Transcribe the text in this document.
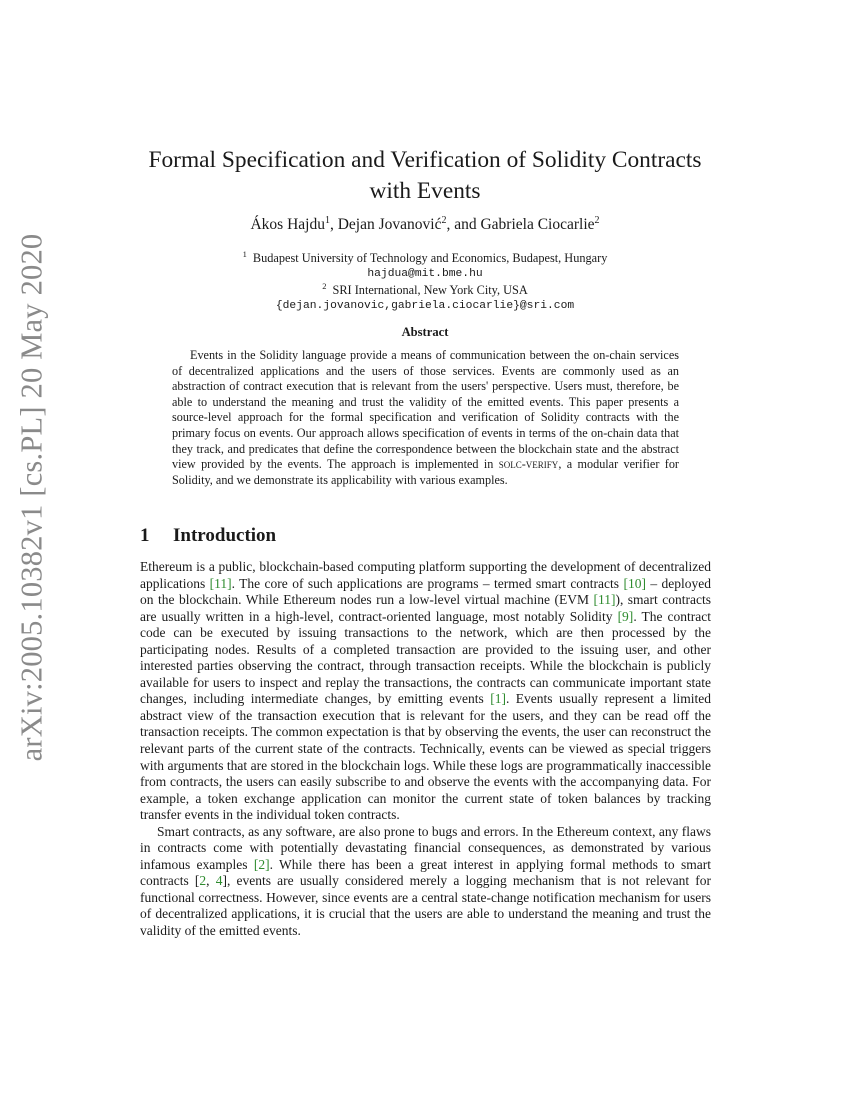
arXiv:2005.10382v1 [cs.PL] 20 May 2020
Formal Specification and Verification of Solidity Contracts
with Events
Ákos Hajdu$^1$, Dejan Jovanović$^2$, and Gabriela Ciocarlie$^2$
$^1$ Budapest University of Technology and Economics, Budapest, Hungary
hajdua@mit.bme.hu
$^2$ SRI International, New York City, USA
{dejan.jovanovic,gabriela.ciocarlie}@sri.com
Abstract

Events in the Solidity language provide a means of communication between the on-chain services of decentralized applications and the users of those services. Events are commonly used as an abstraction of contract execution that is relevant from the users' perspective. Users must, therefore, be able to understand the meaning and trust the validity of the emitted events. This paper presents a source-level approach for the formal specification and verification of Solidity contracts with the primary focus on events. Our approach allows specification of events in terms of the on-chain data that they track, and predicates that define the correspondence between the blockchain state and the abstract view provided by the events. The approach is implemented in solc-verify, a modular verifier for Solidity, and we demonstrate its applicability with various examples.

1 Introduction

Ethereum is a public, blockchain-based computing platform supporting the development of decentralized applications [11]. The core of such applications are programs – termed smart contracts [10] – deployed on the blockchain. While Ethereum nodes run a low-level virtual machine (EVM [11]), smart contracts are usually written in a high-level, contract-oriented language, most notably Solidity [9]. The contract code can be executed by issuing transactions to the network, which are then processed by the participating nodes. Results of a completed transaction are provided to the issuing user, and other interested parties observing the contract, through transaction receipts. While the blockchain is publicly available for users to inspect and replay the transactions, the contracts can communicate important state changes, including intermediate changes, by emitting events [1]. Events usually represent a limited abstract view of the transaction execution that is relevant for the users, and they can be read off the transaction receipts. The common expectation is that by observing the events, the user can reconstruct the relevant parts of the current state of the contracts. Technically, events can be viewed as special triggers with arguments that are stored in the blockchain logs. While these logs are programmatically inaccessible from contracts, the users can easily subscribe to and observe the events with the accompanying data. For example, a token exchange application can monitor the current state of token balances by tracking transfer events in the individual token contracts.

Smart contracts, as any software, are also prone to bugs and errors. In the Ethereum context, any flaws in contracts come with potentially devastating financial consequences, as demonstrated by various infamous examples [2]. While there has been a great interest in applying formal methods to smart contracts [2, 4], events are usually considered merely a logging mechanism that is not relevant for functional correctness. However, since events are a central state-change notification mechanism for users of decentralized applications, it is crucial that the users are able to understand the meaning and trust the validity of the emitted events.
